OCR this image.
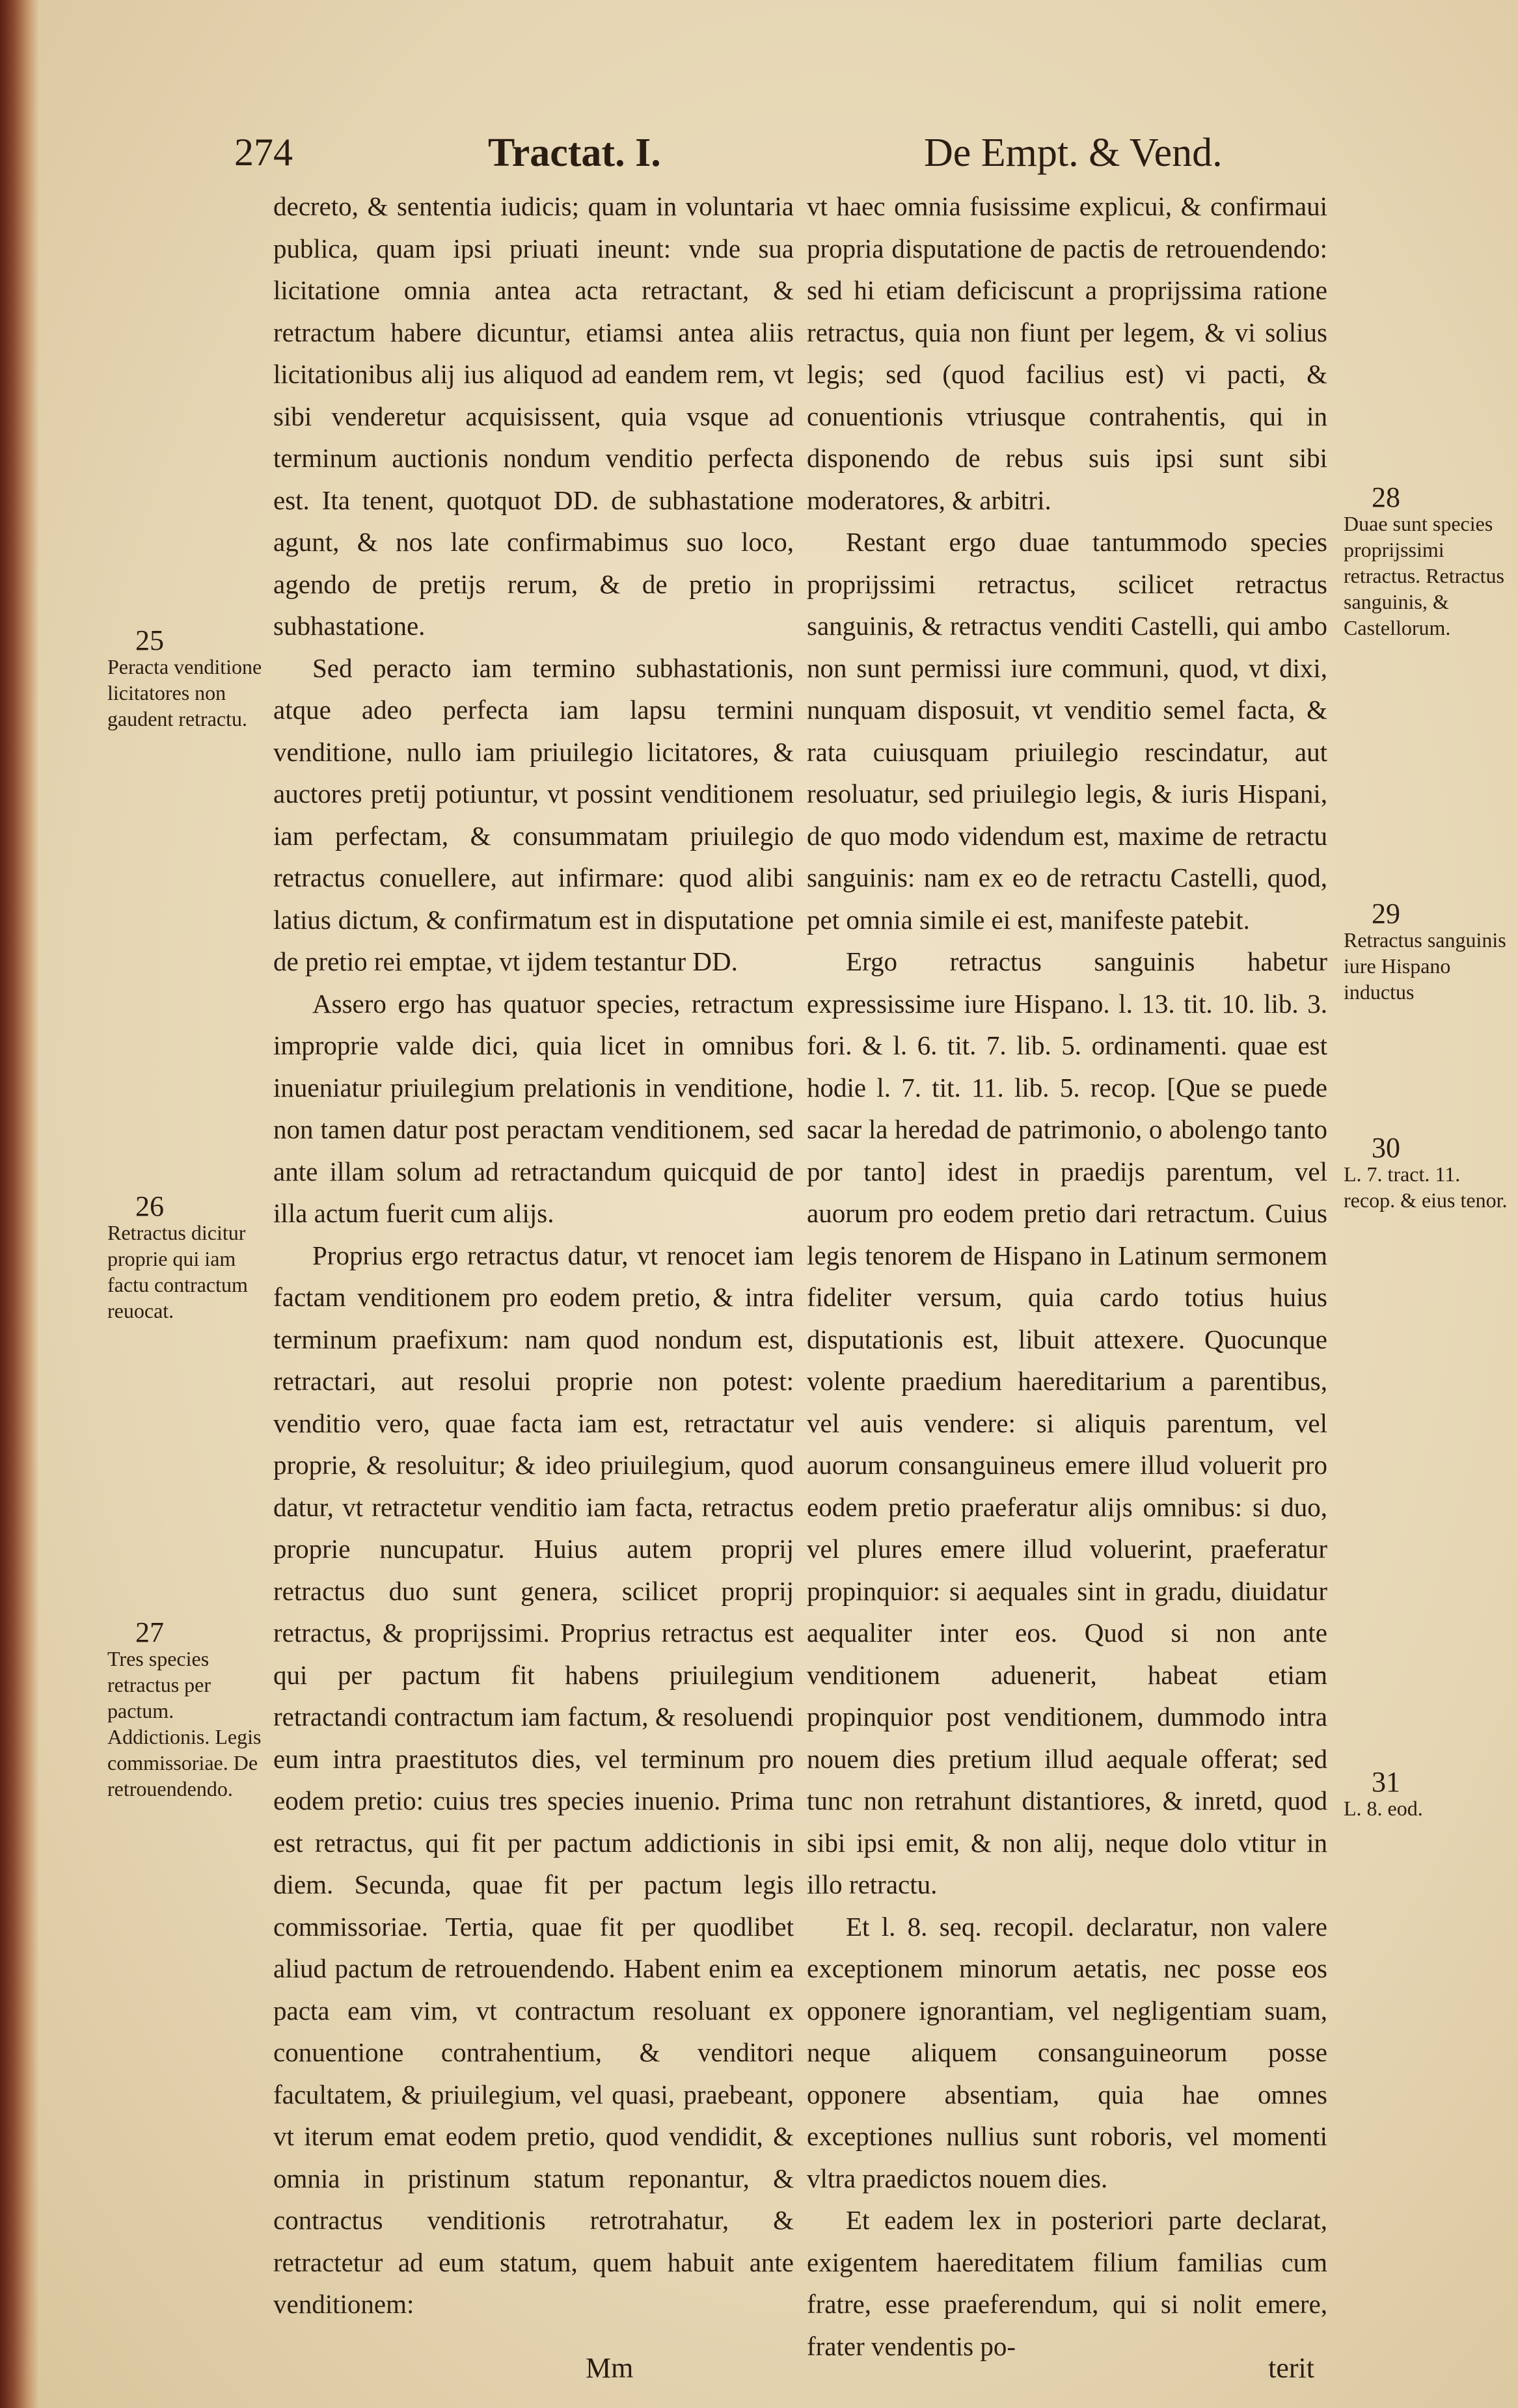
274	Tractat. I.	De Empt. & Vend.

decreto, & sententia iudicis; quam in voluntaria publica, quam ipsi priuati ineunt: vnde sua licitatione omnia antea acta retractant, & retractum habere dicuntur, etiamsi antea aliis licitationibus alij ius aliquod ad eandem rem, vt sibi venderetur acquisissent, quia vsque ad terminum auctionis nondum venditio perfecta est. Ita tenent, quotquot DD. de subhastatione agunt, & nos late confirmabimus suo loco, agendo de pretijs rerum, & de pretio in subhastatione.

Sed peracto iam termino subhastationis, atque adeo perfecta iam lapsu termini venditione, nullo iam priuilegio licitatores, & auctores pretij potiuntur, vt possint venditionem iam perfectam, & consummatam priuilegio retractus conuellere, aut infirmare: quod alibi latius dictum, & confirmatum est in disputatione de pretio rei emptae, vt ijdem testantur DD.

Assero ergo has quatuor species, retractum improprie valde dici, quia licet in omnibus inueniatur priuilegium prelationis in venditione, non tamen datur post peractam venditionem, sed ante illam solum ad retractandum quicquid de illa actum fuerit cum alijs.

Proprius ergo retractus datur, vt renocet iam factam venditionem pro eodem pretio, & intra terminum praefixum: nam quod nondum est, retractari, aut resolui proprie non potest: venditio vero, quae facta iam est, retractatur proprie, & resoluitur; & ideo priuilegium, quod datur, vt retractetur venditio iam facta, retractus proprie nuncupatur. Huius autem proprij retractus duo sunt genera, scilicet proprij retractus, & proprijssimi. Proprius retractus est qui per pactum fit habens priuilegium retractandi contractum iam factum, & resoluendi eum intra praestitutos dies, vel terminum pro eodem pretio: cuius tres species inuenio. Prima est retractus, qui fit per pactum addictionis in diem. Secunda, quae fit per pactum legis commissoriae. Tertia, quae fit per quodlibet aliud pactum de retrouendendo. Habent enim ea pacta eam vim, vt contractum resoluant ex conuentione contrahentium, & venditori facultatem, & priuilegium, vel quasi, praebeant, vt iterum emat eodem pretio, quod vendidit, & omnia in pristinum statum reponantur, & contractus venditionis retrotrahatur, & retractetur ad eum statum, quem habuit ante venditionem:

vt haec omnia fusissime explicui, & confirmaui propria disputatione de pactis de retrouendendo: sed hi etiam deficiscunt a proprijssima ratione retractus, quia non fiunt per legem, & vi solius legis; sed (quod facilius est) vi pacti, & conuentionis vtriusque contrahentis, qui in disponendo de rebus suis ipsi sunt sibi moderatores, & arbitri.

Restant ergo duae tantummodo species proprijssimi retractus, scilicet retractus sanguinis, & retractus venditi Castelli, qui ambo non sunt permissi iure communi, quod, vt dixi, nunquam disposuit, vt venditio semel facta, & rata cuiusquam priuilegio rescindatur, aut resoluatur, sed priuilegio legis, & iuris Hispani, de quo modo videndum est, maxime de retractu sanguinis: nam ex eo de retractu Castelli, quod, pet omnia simile ei est, manifeste patebit.

Ergo retractus sanguinis habetur expressissime iure Hispano. l. 13. tit. 10. lib. 3. fori. & l. 6. tit. 7. lib. 5. ordinamenti. quae est hodie l. 7. tit. 11. lib. 5. recop. [Que se puede sacar la heredad de patrimonio, o abolengo tanto por tanto] idest in praedijs parentum, vel auorum pro eodem pretio dari retractum. Cuius legis tenorem de Hispano in Latinum sermonem fideliter versum, quia cardo totius huius disputationis est, libuit attexere. Quocunque volente praedium haereditarium a parentibus, vel auis vendere: si aliquis parentum, vel auorum consanguineus emere illud voluerit pro eodem pretio praeferatur alijs omnibus: si duo, vel plures emere illud voluerint, praeferatur propinquior: si aequales sint in gradu, diuidatur aequaliter inter eos. Quod si non ante venditionem aduenerit, habeat etiam propinquior post venditionem, dummodo intra nouem dies pretium illud aequale offerat; sed tunc non retrahunt distantiores, & inretd, quod sibi ipsi emit, & non alij, neque dolo vtitur in illo retractu.

Et l. 8. seq. recopil. declaratur, non valere exceptionem minorum aetatis, nec posse eos opponere ignorantiam, vel negligentiam suam, neque aliquem consanguineorum posse opponere absentiam, quia hae omnes exceptiones nullius sunt roboris, vel momenti vltra praedictos nouem dies.

Et eadem lex in posteriori parte declarat, exigentem haereditatem filium familias cum fratre, esse praeferendum, qui si nolit emere, frater vendentis po-

25
Peracta venditione licitatores non gaudent retractu.
26
Retractus dicitur proprie qui iam factu contractum reuocat.
27
Tres species retractus per pactum. Addictionis. Legis commissoriae. De retrouendendo.
28
Duae sunt species proprijssimi retractus. Retractus sanguinis, & Castellorum.
29
Retractus sanguinis iure Hispano inductus
30
L. 7. tract. 11. recop. & eius tenor.
31
L. 8. eod.
Mm	terit
